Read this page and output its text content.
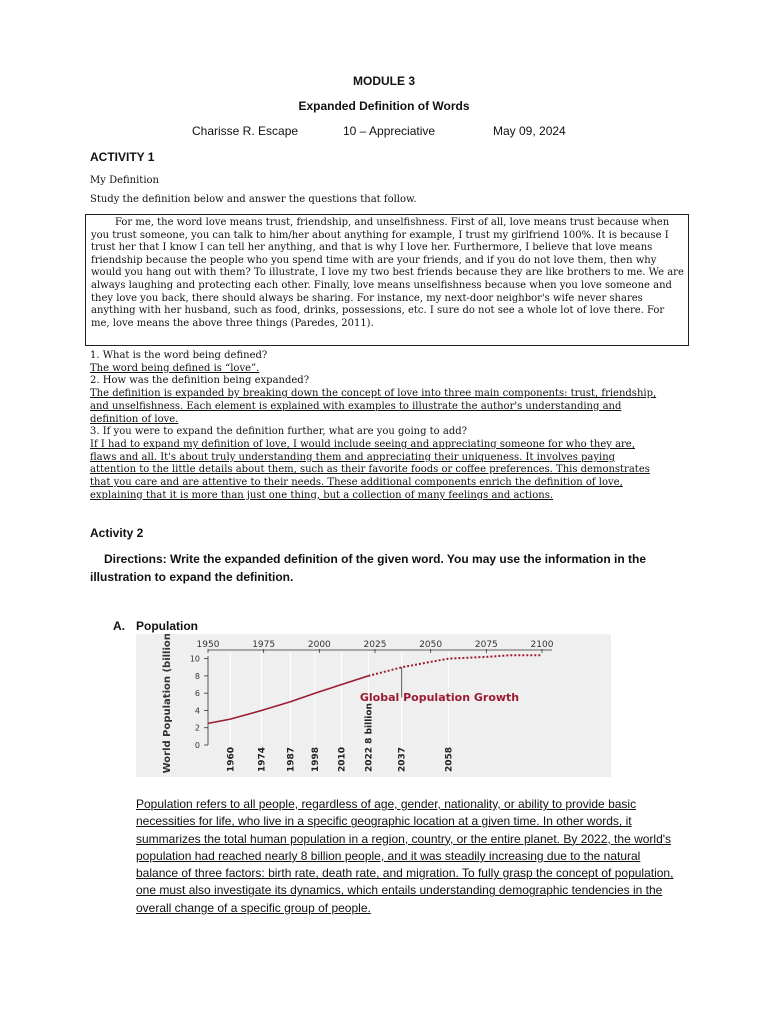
MODULE 3
Expanded Definition of Words
Charisse R. Escape	10 – Appreciative	May 09, 2024
ACTIVITY 1
My Definition
Study the definition below and answer the questions that follow.

For me, the word love means trust, friendship, and unselfishness. First of all, love means trust because when you trust someone, you can talk to him/her about anything for example, I trust my girlfriend 100%. It is because I trust her that I know I can tell her anything, and that is why I love her. Furthermore, I believe that love means friendship because the people who you spend time with are your friends, and if you do not love them, then why would you hang out with them? To illustrate, I love my two best friends because they are like brothers to me. We are always laughing and protecting each other. Finally, love means unselfishness because when you love someone and they love you back, there should always be sharing. For instance, my next-door neighbor's wife never shares anything with her husband, such as food, drinks, possessions, etc. I sure do not see a whole lot of love there. For me, love means the above three things (Paredes, 2011).

1. What is the word being defined?
The word being defined is “love”.
2. How was the definition being expanded?
The definition is expanded by breaking down the concept of love into three main components: trust, friendship, and unselfishness. Each element is explained with examples to illustrate the author's understanding and definition of love.
3. If you were to expand the definition further, what are you going to add?
If I had to expand my definition of love, I would include seeing and appreciating someone for who they are, flaws and all. It's about truly understanding them and appreciating their uniqueness. It involves paying attention to the little details about them, such as their favorite foods or coffee preferences. This demonstrates that you care and are attentive to their needs. These additional components enrich the definition of love, explaining that it is more than just one thing, but a collection of many feelings and actions.
Activity 2
Directions: Write the expanded definition of the given word. You may use the information in the illustration to expand the definition.
A. Population
1950	1975	2000	2025	2050	2075	2100
0
2
4
6
8
10
World Population (billions)	Global Population Growth
1960 1974 1987 1998 2010 2022 8 billion	2037	2058
Population refers to all people, regardless of age, gender, nationality, or ability to provide basic necessities for life, who live in a specific geographic location at a given time. In other words, it summarizes the total human population in a region, country, or the entire planet. By 2022, the world's population had reached nearly 8 billion people, and it was steadily increasing due to the natural balance of three factors: birth rate, death rate, and migration. To fully grasp the concept of population, one must also investigate its dynamics, which entails understanding demographic tendencies in the overall change of a specific group of people.
